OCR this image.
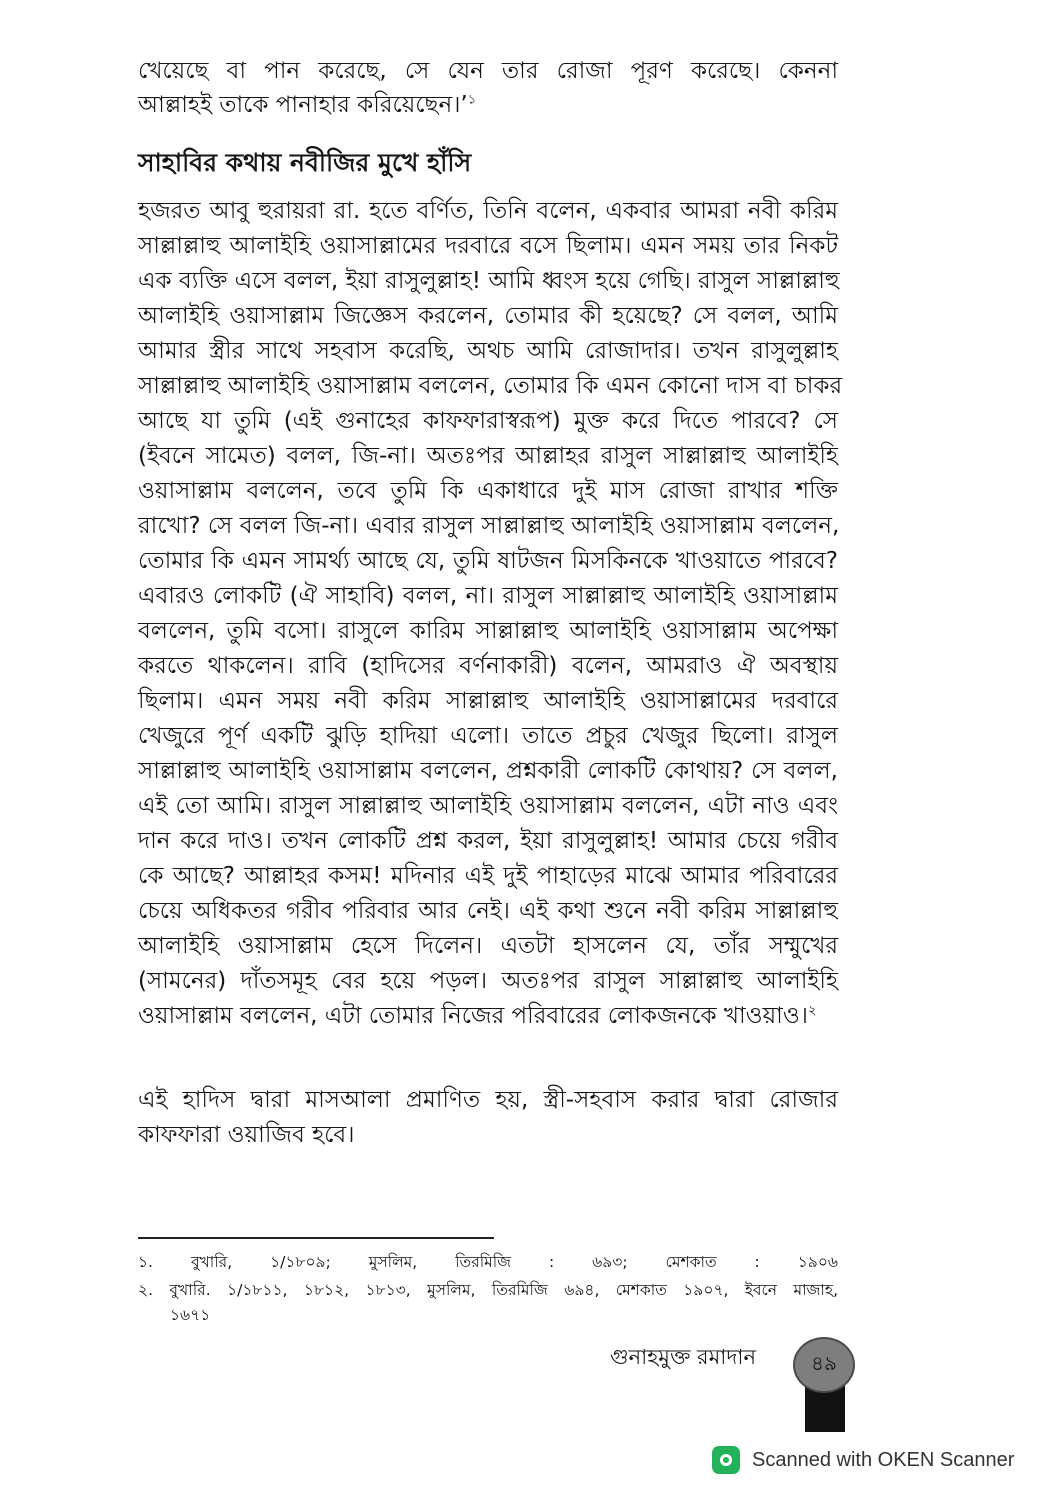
খেয়েছে বা পান করেছে, সে যেন তার রোজা পূরণ করেছে। কেননা
আল্লাহই তাকে পানাহার করিয়েছেন।’$^১$
সাহাবির কথায় নবীজির মুখে হাঁসি
হজরত আবু হুরায়রা রা. হতে বর্ণিত, তিনি বলেন, একবার আমরা নবী করিম
সাল্লাল্লাহু আলাইহি ওয়াসাল্লামের দরবারে বসে ছিলাম। এমন সময় তার নিকট
এক ব্যক্তি এসে বলল, ইয়া রাসুলুল্লাহ! আমি ধ্বংস হয়ে গেছি। রাসুল সাল্লাল্লাহু
আলাইহি ওয়াসাল্লাম জিজ্ঞেস করলেন, তোমার কী হয়েছে? সে বলল, আমি
আমার স্ত্রীর সাথে সহবাস করেছি, অথচ আমি রোজাদার। তখন রাসুলুল্লাহ
সাল্লাল্লাহু আলাইহি ওয়াসাল্লাম বললেন, তোমার কি এমন কোনো দাস বা চাকর
আছে যা তুমি (এই গুনাহের কাফফারাস্বরূপ) মুক্ত করে দিতে পারবে? সে
(ইবনে সামেত) বলল, জি-না। অতঃপর আল্লাহর রাসুল সাল্লাল্লাহু আলাইহি
ওয়াসাল্লাম বললেন, তবে তুমি কি একাধারে দুই মাস রোজা রাখার শক্তি
রাখো? সে বলল জি-না। এবার রাসুল সাল্লাল্লাহু আলাইহি ওয়াসাল্লাম বললেন,
তোমার কি এমন সামর্থ্য আছে যে, তুমি ষাটজন মিসকিনকে খাওয়াতে পারবে?
এবারও লোকটি (ঐ সাহাবি) বলল, না। রাসুল সাল্লাল্লাহু আলাইহি ওয়াসাল্লাম
বললেন, তুমি বসো। রাসুলে কারিম সাল্লাল্লাহু আলাইহি ওয়াসাল্লাম অপেক্ষা
করতে থাকলেন। রাবি (হাদিসের বর্ণনাকারী) বলেন, আমরাও ঐ অবস্থায়
ছিলাম। এমন সময় নবী করিম সাল্লাল্লাহু আলাইহি ওয়াসাল্লামের দরবারে
খেজুরে পূর্ণ একটি ঝুড়ি হাদিয়া এলো। তাতে প্রচুর খেজুর ছিলো। রাসুল
সাল্লাল্লাহু আলাইহি ওয়াসাল্লাম বললেন, প্রশ্নকারী লোকটি কোথায়? সে বলল,
এই তো আমি। রাসুল সাল্লাল্লাহু আলাইহি ওয়াসাল্লাম বললেন, এটা নাও এবং
দান করে দাও। তখন লোকটি প্রশ্ন করল, ইয়া রাসুলুল্লাহ! আমার চেয়ে গরীব
কে আছে? আল্লাহর কসম! মদিনার এই দুই পাহাড়ের মাঝে আমার পরিবারের
চেয়ে অধিকতর গরীব পরিবার আর নেই। এই কথা শুনে নবী করিম সাল্লাল্লাহু
আলাইহি ওয়াসাল্লাম হেসে দিলেন। এতটা হাসলেন যে, তাঁর সম্মুখের
(সামনের) দাঁতসমূহ বের হয়ে পড়ল। অতঃপর রাসুল সাল্লাল্লাহু আলাইহি
ওয়াসাল্লাম বললেন, এটা তোমার নিজের পরিবারের লোকজনকে খাওয়াও।$^২$
এই হাদিস দ্বারা মাসআলা প্রমাণিত হয়, স্ত্রী-সহবাস করার দ্বারা রোজার
কাফফারা ওয়াজিব হবে।
১. বুখারি, ১/১৮০৯; মুসলিম, তিরমিজি : ৬৯৩; মেশকাত : ১৯০৬
২. বুখারি. ১/১৮১১, ১৮১২, ১৮১৩, মুসলিম, তিরমিজি ৬৯৪, মেশকাত ১৯০৭, ইবনে মাজাহ,
১৬৭১
গুনাহমুক্ত রমাদান	৪৯
Scanned with OKEN Scanner
